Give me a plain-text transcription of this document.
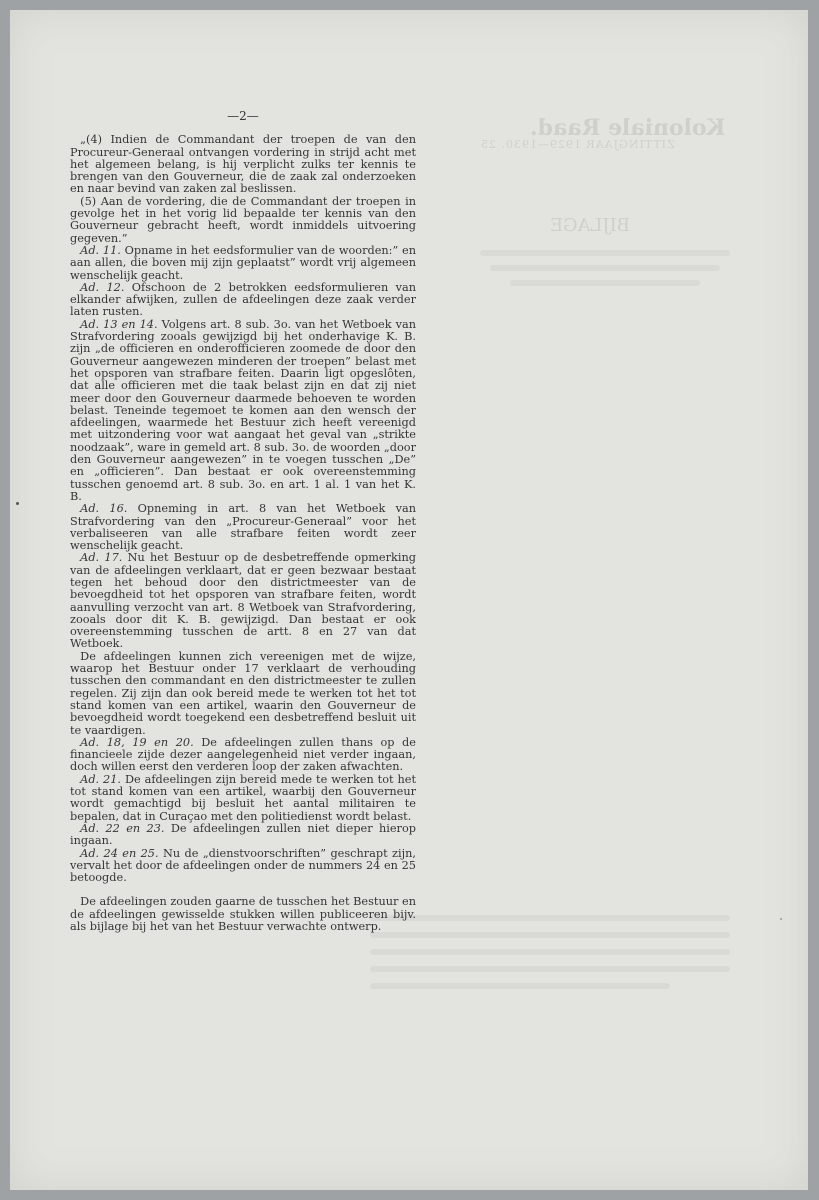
Koloniale Raad.
ZITTINGJAAR 1929—1930. 25
BIJLAGE
—2—

„(4) Indien de Commandant der troepen de van den Procureur-Generaal ontvangen vordering in strijd acht met het algemeen belang, is hij verplicht zulks ter kennis te brengen van den Gouverneur, die de zaak zal onderzoeken en naar bevind van zaken zal beslissen.

(5) Aan de vordering, die de Commandant der troepen in gevolge het in het vorig lid bepaalde ter kennis van den Gouverneur gebracht heeft, wordt inmiddels uitvoering gegeven.”

Ad. 11. Opname in het eedsformulier van de woorden:” en aan allen, die boven mij zijn geplaatst” wordt vrij algemeen wenschelijk geacht.

Ad. 12. Ofschoon de 2 betrokken eedsformulieren van elkander afwijken, zullen de afdeelingen deze zaak verder laten rusten.

Ad. 13 en 14. Volgens art. 8 sub. 3o. van het Wetboek van Strafvordering zooals gewijzigd bij het onderhavige K. B. zijn „de officieren en onderofficieren zoomede de door den Gouverneur aangewezen minderen der troepen” belast met het opsporen van strafbare feiten. Daarin ligt opgeslôten, dat alle officieren met die taak belast zijn en dat zij niet meer door den Gouverneur daarmede behoeven te worden belast. Teneinde tegemoet te komen aan den wensch der afdeelingen, waarmede het Bestuur zich heeft vereenigd met uitzondering voor wat aangaat het geval van „strikte noodzaak”, ware in gemeld art. 8 sub. 3o. de woorden „door den Gouverneur aangewezen” in te voegen tusschen „De” en „officieren”. Dan bestaat er ook overeenstemming tusschen genoemd art. 8 sub. 3o. en art. 1 al. 1 van het K. B.

Ad. 16. Opneming in art. 8 van het Wetboek van Strafvordering van den „Procureur-Generaal” voor het verbaliseeren van alle strafbare feiten wordt zeer wenschelijk geacht.

Ad. 17. Nu het Bestuur op de desbetreffende opmerking van de afdeelingen verklaart, dat er geen bezwaar bestaat tegen het behoud door den districtmeester van de bevoegdheid tot het opsporen van strafbare feiten, wordt aanvulling verzocht van art. 8 Wetboek van Strafvordering, zooals door dit K. B. gewijzigd. Dan bestaat er ook overeenstemming tusschen de artt. 8 en 27 van dat Wetboek.

De afdeelingen kunnen zich vereenigen met de wijze, waarop het Bestuur onder 17 verklaart de verhouding tusschen den commandant en den districtmeester te zullen regelen. Zij zijn dan ook bereid mede te werken tot het tot stand komen van een artikel, waarin den Gouverneur de bevoegdheid wordt toegekend een desbetreffend besluit uit te vaardigen.

Ad. 18, 19 en 20. De afdeelingen zullen thans op de financieele zijde dezer aangelegenheid niet verder ingaan, doch willen eerst den verderen loop der zaken afwachten.

Ad. 21. De afdeelingen zijn bereid mede te werken tot het tot stand komen van een artikel, waarbij den Gouverneur wordt gemachtigd bij besluit het aantal militairen te bepalen, dat in Curaçao met den politiedienst wordt belast.

Ad. 22 en 23. De afdeelingen zullen niet dieper hierop ingaan.

Ad. 24 en 25. Nu de „dienstvoorschriften” geschrapt zijn, vervalt het door de afdeelingen onder de nummers 24 en 25 betoogde.

De afdeelingen zouden gaarne de tusschen het Bestuur en de afdeelingen gewisselde stukken willen publiceeren bijv. als bijlage bij het van het Bestuur verwachte ontwerp.
